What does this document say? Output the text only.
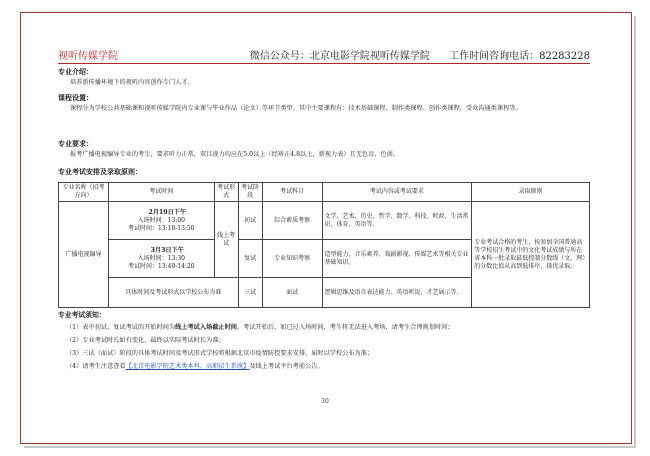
视听传媒学院	微信公众号：北京电影学院视听传媒学院 工作时间咨询电话：82283228
专业介绍：
培养新传播环境下的视听内容创作专门人才。
课程设置：
课程分为学校公共基础课和视听传媒学院内专业课与毕业作品（论文）等环节类型。其中主要课程有：技术基础课程、制作类课程、创作类课程、受众沟通类课程等。
专业要求：
报考广播电视编导专业的考生，要求听力正常，双目视力均应在5.0以上（经矫正4.8以上，新视力表）且无色盲、色弱。
专业考试安排及录取原则：
专业名称（招考方向）	考试时间	考试形式	考试阶段	考试科目	考试内容或考试要求	录取原则
广播电视编导	2月19日下午
入场时间：13:00
考试时间：13:10-13:50	线上考试	初试	综合素质考察	文学、艺术、历史、哲学、数学、科技、时政、生活常识、体育、英语等。	专业考试合格的考生，按参加全国普通高等学校招生考试中的文化考试成绩与所在省本科一批录取最低控制分数线（文、理）的分数比值从高到低排序，择优录取。

	3月3日下午
入场时间：13:30
考试时间：13:40-14:20		复试	专业知识考察	造型能力、音乐素养、戏剧影视、传媒艺术等相关专业基础知识。	
	具体时间及考试形式以学校公布为准		三试	面试	逻辑思维及语言表达能力、英语听说、才艺展示等。	
专业考试须知：
（1）表中初试、复试考试的开始时间为线上考试入场截止时间，考试开始后，如已过入场时间，考生将无法进入考场，请考生合理规划时间；
（2）专业考试时长如有变化，最终以实际考试时长为准；
（3）三试（面试）阶段的具体考试时间及考试形式学校将根据北京市疫情防控要求安排，届时以学校公布为准；
（4）请考生注意查看【北京电影学院艺术类本科、高职招生系统】及线上考试平台考前公告。
30
